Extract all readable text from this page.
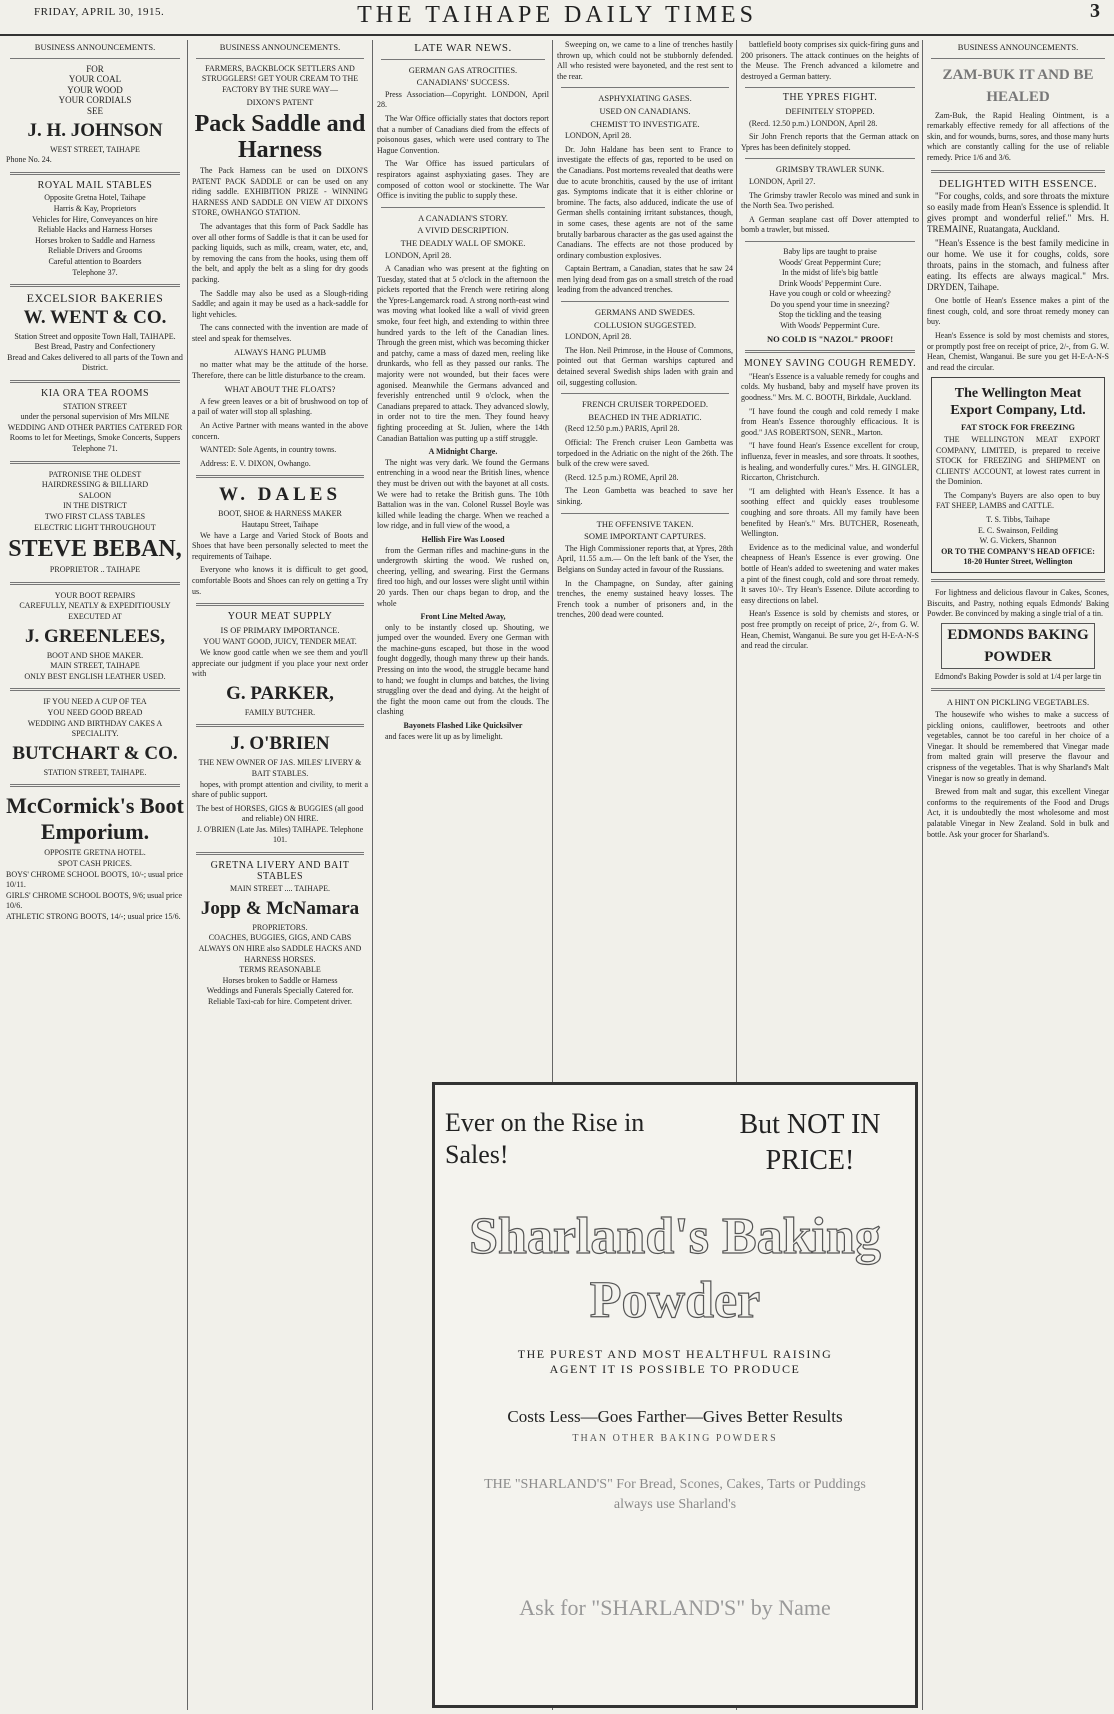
FRIDAY, APRIL 30, 1915.	THE TAIHAPE DAILY TIMES	3
BUSINESS ANNOUNCEMENTS.
FOR
YOUR COAL
YOUR WOOD
YOUR CORDIALS
SEE
J. H. JOHNSON
WEST STREET, TAIHAPE
Phone No. 24.
ROYAL MAIL STABLES
Opposite Gretna Hotel, Taihape
Harris & Kay, Proprietors
Vehicles for Hire, Conveyances on hire
Reliable Hacks and Harness Horses
Horses broken to Saddle and Harness
Reliable Drivers and Grooms
Careful attention to Boarders
Telephone 37.
EXCELSIOR BAKERIES
W. WENT & CO.
Station Street and opposite Town Hall, TAIHAPE.
Best Bread, Pastry and Confectionery
Bread and Cakes delivered to all parts of the Town and District.
KIA ORA TEA ROOMS
STATION STREET
under the personal supervision of Mrs MILNE
WEDDING AND OTHER PARTIES CATERED FOR
Rooms to let for Meetings, Smoke Concerts, Suppers
Telephone 71.
PATRONISE THE OLDEST
HAIRDRESSING & BILLIARD
SALOON
IN THE DISTRICT
TWO FIRST CLASS TABLES
ELECTRIC LIGHT THROUGHOUT
STEVE BEBAN,
PROPRIETOR .. TAIHAPE
YOUR BOOT REPAIRS
CAREFULLY, NEATLY & EXPEDITIOUSLY EXECUTED AT
J. GREENLEES,
BOOT AND SHOE MAKER.
MAIN STREET, TAIHAPE
ONLY BEST ENGLISH LEATHER USED.
IF YOU NEED A CUP OF TEA
YOU NEED GOOD BREAD
WEDDING AND BIRTHDAY CAKES A SPECIALITY.
BUTCHART & CO.
STATION STREET, TAIHAPE.
McCormick's Boot Emporium.
OPPOSITE GRETNA HOTEL.
SPOT CASH PRICES.
BOYS' CHROME SCHOOL BOOTS, 10/-; usual price 10/11.
GIRLS' CHROME SCHOOL BOOTS, 9/6; usual price 10/6.
ATHLETIC STRONG BOOTS, 14/-; usual price 15/6.
BUSINESS ANNOUNCEMENTS.
FARMERS, BACKBLOCK SETTLERS AND STRUGGLERS! GET YOUR CREAM TO THE FACTORY BY THE SURE WAY—
DIXON'S PATENT
Pack Saddle and Harness

The Pack Harness can be used on DIXON'S PATENT PACK SADDLE or can be used on any riding saddle. EXHIBITION PRIZE - WINNING HARNESS AND SADDLE ON VIEW AT DIXON'S STORE, OWHANGO STATION.

The advantages that this form of Pack Saddle has over all other forms of Saddle is that it can be used for packing liquids, such as milk, cream, water, etc, and, by removing the cans from the hooks, using them off the belt, and apply the belt as a sling for dry goods packing.

The Saddle may also be used as a Slough-riding Saddle; and again it may be used as a hack-saddle for light vehicles.

The cans connected with the invention are made of steel and speak for themselves.

ALWAYS HANG PLUMB

no matter what may be the attitude of the horse. Therefore, there can be little disturbance to the cream.

WHAT ABOUT THE FLOATS?

A few green leaves or a bit of brushwood on top of a pail of water will stop all splashing.

An Active Partner with means wanted in the above concern.

WANTED: Sole Agents, in country towns.

Address: E. V. DIXON, Owhango.

W. DALES
BOOT, SHOE & HARNESS MAKER
Hautapu Street, Taihape

We have a Large and Varied Stock of Boots and Shoes that have been personally selected to meet the requirements of Taihape.

Everyone who knows it is difficult to get good, comfortable Boots and Shoes can rely on getting a Try us.

YOUR MEAT SUPPLY
IS OF PRIMARY IMPORTANCE.
YOU WANT GOOD, JUICY, TENDER MEAT.

We know good cattle when we see them and you'll appreciate our judgment if you place your next order with

G. PARKER,
FAMILY BUTCHER.
J. O'BRIEN
THE NEW OWNER OF JAS. MILES' LIVERY & BAIT STABLES.

hopes, with prompt attention and civility, to merit a share of public support.

The best of HORSES, GIGS & BUGGIES (all good and reliable) ON HIRE.
J. O'BRIEN (Late Jas. Miles) TAIHAPE. Telephone 101.
GRETNA LIVERY AND BAIT STABLES
MAIN STREET .... TAIHAPE.
Jopp & McNamara
PROPRIETORS.
COACHES, BUGGIES, GIGS, AND CABS ALWAYS ON HIRE also SADDLE HACKS AND HARNESS HORSES.
TERMS REASONABLE
Horses broken to Saddle or Harness
Weddings and Funerals Specially Catered for.
Reliable Taxi-cab for hire. Competent driver.
LATE WAR NEWS.
GERMAN GAS ATROCITIES.
CANADIANS' SUCCESS.

Press Association—Copyright. LONDON, April 28.

The War Office officially states that doctors report that a number of Canadians died from the effects of poisonous gases, which were used contrary to The Hague Convention.

The War Office has issued particulars of respirators against asphyxiating gases. They are composed of cotton wool or stockinette. The War Office is inviting the public to supply these.

A CANADIAN'S STORY.
A VIVID DESCRIPTION.
THE DEADLY WALL OF SMOKE.

LONDON, April 28.

A Canadian who was present at the fighting on Tuesday, stated that at 5 o'clock in the afternoon the pickets reported that the French were retiring along the Ypres-Langemarck road. A strong north-east wind was moving what looked like a wall of vivid green smoke, four feet high, and extending to within three hundred yards to the left of the Canadian lines. Through the green mist, which was becoming thicker and patchy, came a mass of dazed men, reeling like drunkards, who fell as they passed our ranks. The majority were not wounded, but their faces were agonised. Meanwhile the Germans advanced and feverishly entrenched until 9 o'clock, when the Canadians prepared to attack. They advanced slowly, in order not to tire the men. They found heavy fighting proceeding at St. Julien, where the 14th Canadian Battalion was putting up a stiff struggle.

A Midnight Charge.

The night was very dark. We found the Germans entrenching in a wood near the British lines, whence they must be driven out with the bayonet at all costs. We were had to retake the British guns. The 10th Battalion was in the van. Colonel Russel Boyle was killed while leading the charge. When we reached a low ridge, and in full view of the wood, a

Hellish Fire Was Loosed

from the German rifles and machine-guns in the undergrowth skirting the wood. We rushed on, cheering, yelling, and swearing. First the Germans fired too high, and our losses were slight until within 20 yards. Then our chaps began to drop, and the whole

Front Line Melted Away,

only to be instantly closed up. Shouting, we jumped over the wounded. Every one German with the machine-guns escaped, but those in the wood fought doggedly, though many threw up their hands. Pressing on into the wood, the struggle became hand to hand; we fought in clumps and batches, the living struggling over the dead and dying. At the height of the fight the moon came out from the clouds. The clashing

Bayonets Flashed Like Quicksilver

and faces were lit up as by limelight.

Sweeping on, we came to a line of trenches hastily thrown up, which could not be stubbornly defended. All who resisted were bayoneted, and the rest sent to the rear.

ASPHYXIATING GASES.
USED ON CANADIANS.
CHEMIST TO INVESTIGATE.

LONDON, April 28.

Dr. John Haldane has been sent to France to investigate the effects of gas, reported to be used on the Canadians. Post mortems revealed that deaths were due to acute bronchitis, caused by the use of irritant gas. Symptoms indicate that it is either chlorine or bromine. The facts, also adduced, indicate the use of German shells containing irritant substances, though, in some cases, these agents are not of the same brutally barbarous character as the gas used against the Canadians. The effects are not those produced by ordinary combustion explosives.

Captain Bertram, a Canadian, states that he saw 24 men lying dead from gas on a small stretch of the road leading from the advanced trenches.

GERMANS AND SWEDES.
COLLUSION SUGGESTED.

LONDON, April 28.

The Hon. Neil Primrose, in the House of Commons, pointed out that German warships captured and detained several Swedish ships laden with grain and oil, suggesting collusion.

FRENCH CRUISER TORPEDOED.
BEACHED IN THE ADRIATIC.

(Recd 12.50 p.m.) PARIS, April 28.

Official: The French cruiser Leon Gambetta was torpedoed in the Adriatic on the night of the 26th. The bulk of the crew were saved.

(Recd. 12.5 p.m.) ROME, April 28.

The Leon Gambetta was beached to save her sinking.

THE OFFENSIVE TAKEN.
SOME IMPORTANT CAPTURES.

The High Commissioner reports that, at Ypres, 28th April, 11.55 a.m.— On the left bank of the Yser, the Belgians on Sunday acted in favour of the Russians.

In the Champagne, on Sunday, after gaining trenches, the enemy sustained heavy losses. The French took a number of prisoners and, in the trenches, 200 dead were counted.

battlefield booty comprises six quick-firing guns and 200 prisoners. The attack continues on the heights of the Meuse. The French advanced a kilometre and destroyed a German battery.

THE YPRES FIGHT.
DEFINITELY STOPPED.

(Recd. 12.50 p.m.) LONDON, April 28.

Sir John French reports that the German attack on Ypres has been definitely stopped.

GRIMSBY TRAWLER SUNK.

LONDON, April 27.

The Grimsby trawler Recolo was mined and sunk in the North Sea. Two perished.

A German seaplane cast off Dover attempted to bomb a trawler, but missed.

Baby lips are taught to praise
Woods' Great Peppermint Cure;
In the midst of life's big battle
Drink Woods' Peppermint Cure.
Have you cough or cold or wheezing?
Do you spend your time in sneezing?
Stop the tickling and the teasing
With Woods' Peppermint Cure.
NO COLD IS "NAZOL" PROOF!
MONEY SAVING COUGH REMEDY.

"Hean's Essence is a valuable remedy for coughs and colds. My husband, baby and myself have proven its goodness." Mrs. M. C. BOOTH, Birkdale, Auckland.

"I have found the cough and cold remedy I make from Hean's Essence thoroughly efficacious. It is good." JAS ROBERTSON, SENR., Marton.

"I have found Hean's Essence excellent for croup, influenza, fever in measles, and sore throats. It soothes, is healing, and wonderfully cures." Mrs. H. GINGLER, Riccarton, Christchurch.

"I am delighted with Hean's Essence. It has a soothing effect and quickly eases troublesome coughing and sore throats. All my family have been benefited by Hean's." Mrs. BUTCHER, Roseneath, Wellington.

Evidence as to the medicinal value, and wonderful cheapness of Hean's Essence is ever growing. One bottle of Hean's added to sweetening and water makes a pint of the finest cough, cold and sore throat remedy. It saves 10/-. Try Hean's Essence. Dilute according to easy directions on label.

Hean's Essence is sold by chemists and stores, or post free promptly on receipt of price, 2/-, from G. W. Hean, Chemist, Wanganui. Be sure you get H-E-A-N-S and read the circular.

BUSINESS ANNOUNCEMENTS.
ZAM-BUK IT AND BE HEALED

Zam-Buk, the Rapid Healing Ointment, is a remarkably effective remedy for all affections of the skin, and for wounds, burns, sores, and those many hurts which are constantly calling for the use of reliable remedy. Price 1/6 and 3/6.

DELIGHTED WITH ESSENCE.

"For coughs, colds, and sore throats the mixture so easily made from Hean's Essence is splendid. It gives prompt and wonderful relief." Mrs. H. TREMAINE, Ruatangata, Auckland.

"Hean's Essence is the best family medicine in our home. We use it for coughs, colds, sore throats, pains in the stomach, and fulness after eating. Its effects are always magical." Mrs. DRYDEN, Taihape.

One bottle of Hean's Essence makes a pint of the finest cough, cold, and sore throat remedy money can buy.

Hean's Essence is sold by most chemists and stores, or promptly post free on receipt of price, 2/-, from G. W. Hean, Chemist, Wanganui. Be sure you get H-E-A-N-S and read the circular.

The Wellington Meat Export Company, Ltd.
FAT STOCK FOR FREEZING

THE WELLINGTON MEAT EXPORT COMPANY, LIMITED, is prepared to receive STOCK for FREEZING and SHIPMENT on CLIENTS' ACCOUNT, at lowest rates current in the Dominion.

The Company's Buyers are also open to buy FAT SHEEP, LAMBS and CATTLE.

T. S. Tibbs, Taihape
E. C. Swainson, Feilding
W. G. Vickers, Shannon
OR TO THE COMPANY'S HEAD OFFICE: 18-20 Hunter Street, Wellington

For lightness and delicious flavour in Cakes, Scones, Biscuits, and Pastry, nothing equals Edmonds' Baking Powder. Be convinced by making a single trial of a tin.

EDMONDS BAKING POWDER
Edmond's Baking Powder is sold at 1/4 per large tin
A HINT ON PICKLING VEGETABLES.

The housewife who wishes to make a success of pickling onions, cauliflower, beetroots and other vegetables, cannot be too careful in her choice of a Vinegar. It should be remembered that Vinegar made from malted grain will preserve the flavour and crispness of the vegetables. That is why Sharland's Malt Vinegar is now so greatly in demand.

Brewed from malt and sugar, this excellent Vinegar conforms to the requirements of the Food and Drugs Act, it is undoubtedly the most wholesome and most palatable Vinegar in New Zealand. Sold in bulk and bottle. Ask your grocer for Sharland's.

Ever on the Rise in Sales!
But NOT IN PRICE!
Sharland's Baking Powder
THE PUREST AND MOST HEALTHFUL RAISING AGENT IT IS POSSIBLE TO PRODUCE
Costs Less—Goes Farther—Gives Better Results
THAN OTHER BAKING POWDERS
THE "SHARLAND'S" For Bread, Scones, Cakes, Tarts or Puddings always use Sharland's
Ask for "SHARLAND'S" by Name
